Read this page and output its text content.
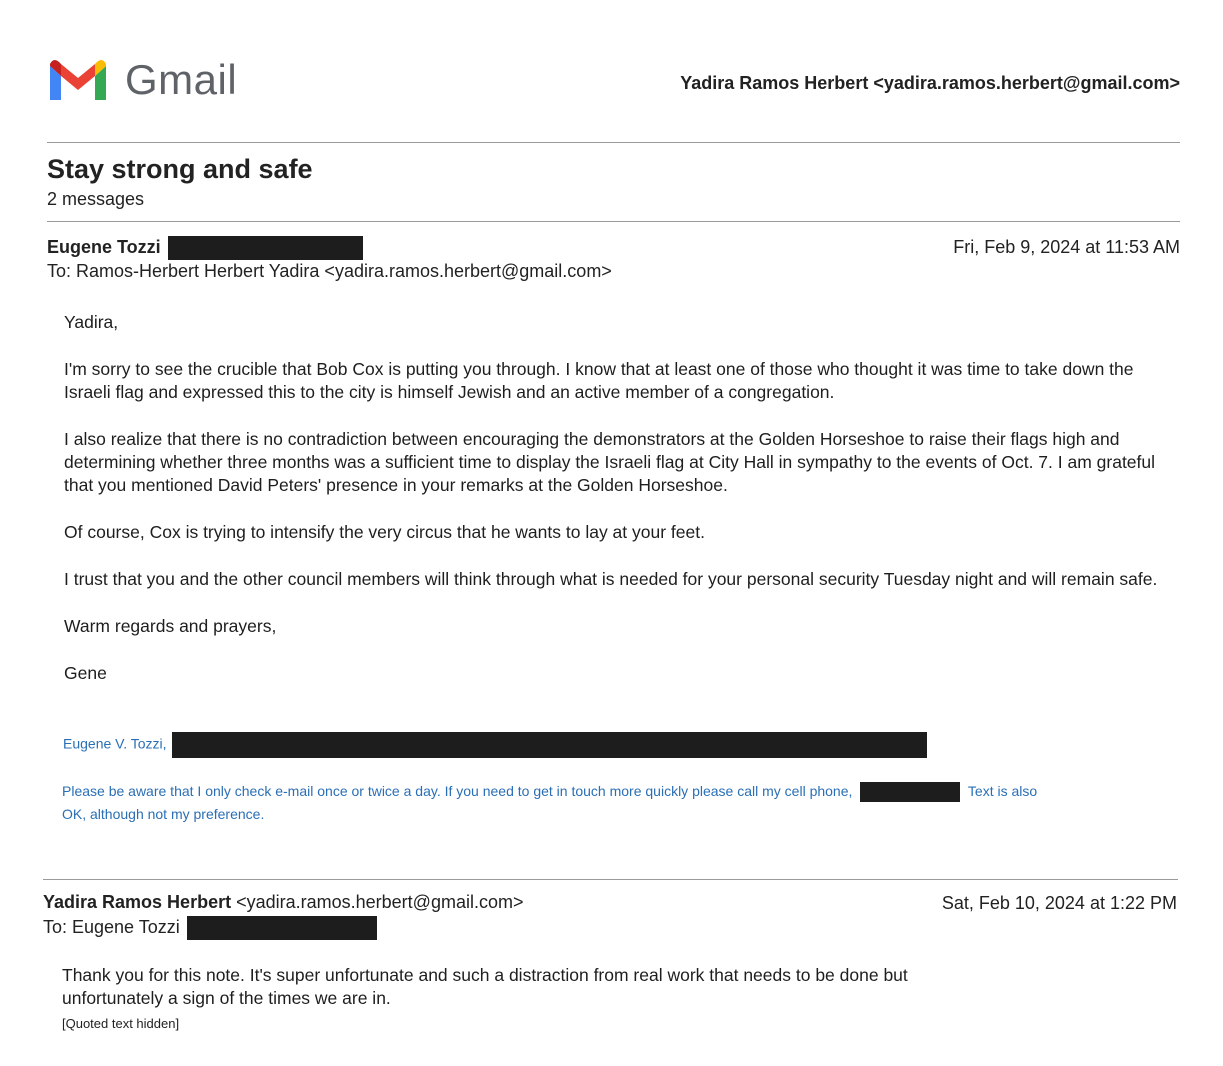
Gmail	Yadira Ramos Herbert <yadira.ramos.herbert@gmail.com>
Stay strong and safe
2 messages
Eugene Tozzi	Fri, Feb 9, 2024 at 11:53 AM
To: Ramos-Herbert Herbert Yadira <yadira.ramos.herbert@gmail.com>

Yadira,

I'm sorry to see the crucible that Bob Cox is putting you through. I know that at least one of those who thought it was time to take down the Israeli flag and expressed this to the city is himself Jewish and an active member of a congregation.

I also realize that there is no contradiction between encouraging the demonstrators at the Golden Horseshoe to raise their flags high and determining whether three months was a sufficient time to display the Israeli flag at City Hall in sympathy to the events of Oct. 7. I am grateful that you mentioned David Peters' presence in your remarks at the Golden Horseshoe.

Of course, Cox is trying to intensify the very circus that he wants to lay at your feet.

I trust that you and the other council members will think through what is needed for your personal security Tuesday night and will remain safe.

Warm regards and prayers,

Gene

Eugene V. Tozzi,
Please be aware that I only check e-mail once or twice a day. If you need to get in touch more quickly please call my cell phone,	Text is also
OK, although not my preference.
Yadira Ramos Herbert <yadira.ramos.herbert@gmail.com>	Sat, Feb 10, 2024 at 1:22 PM
To: Eugene Tozzi

Thank you for this note. It's super unfortunate and such a distraction from real work that needs to be done but

unfortunately a sign of the times we are in.

[Quoted text hidden]
